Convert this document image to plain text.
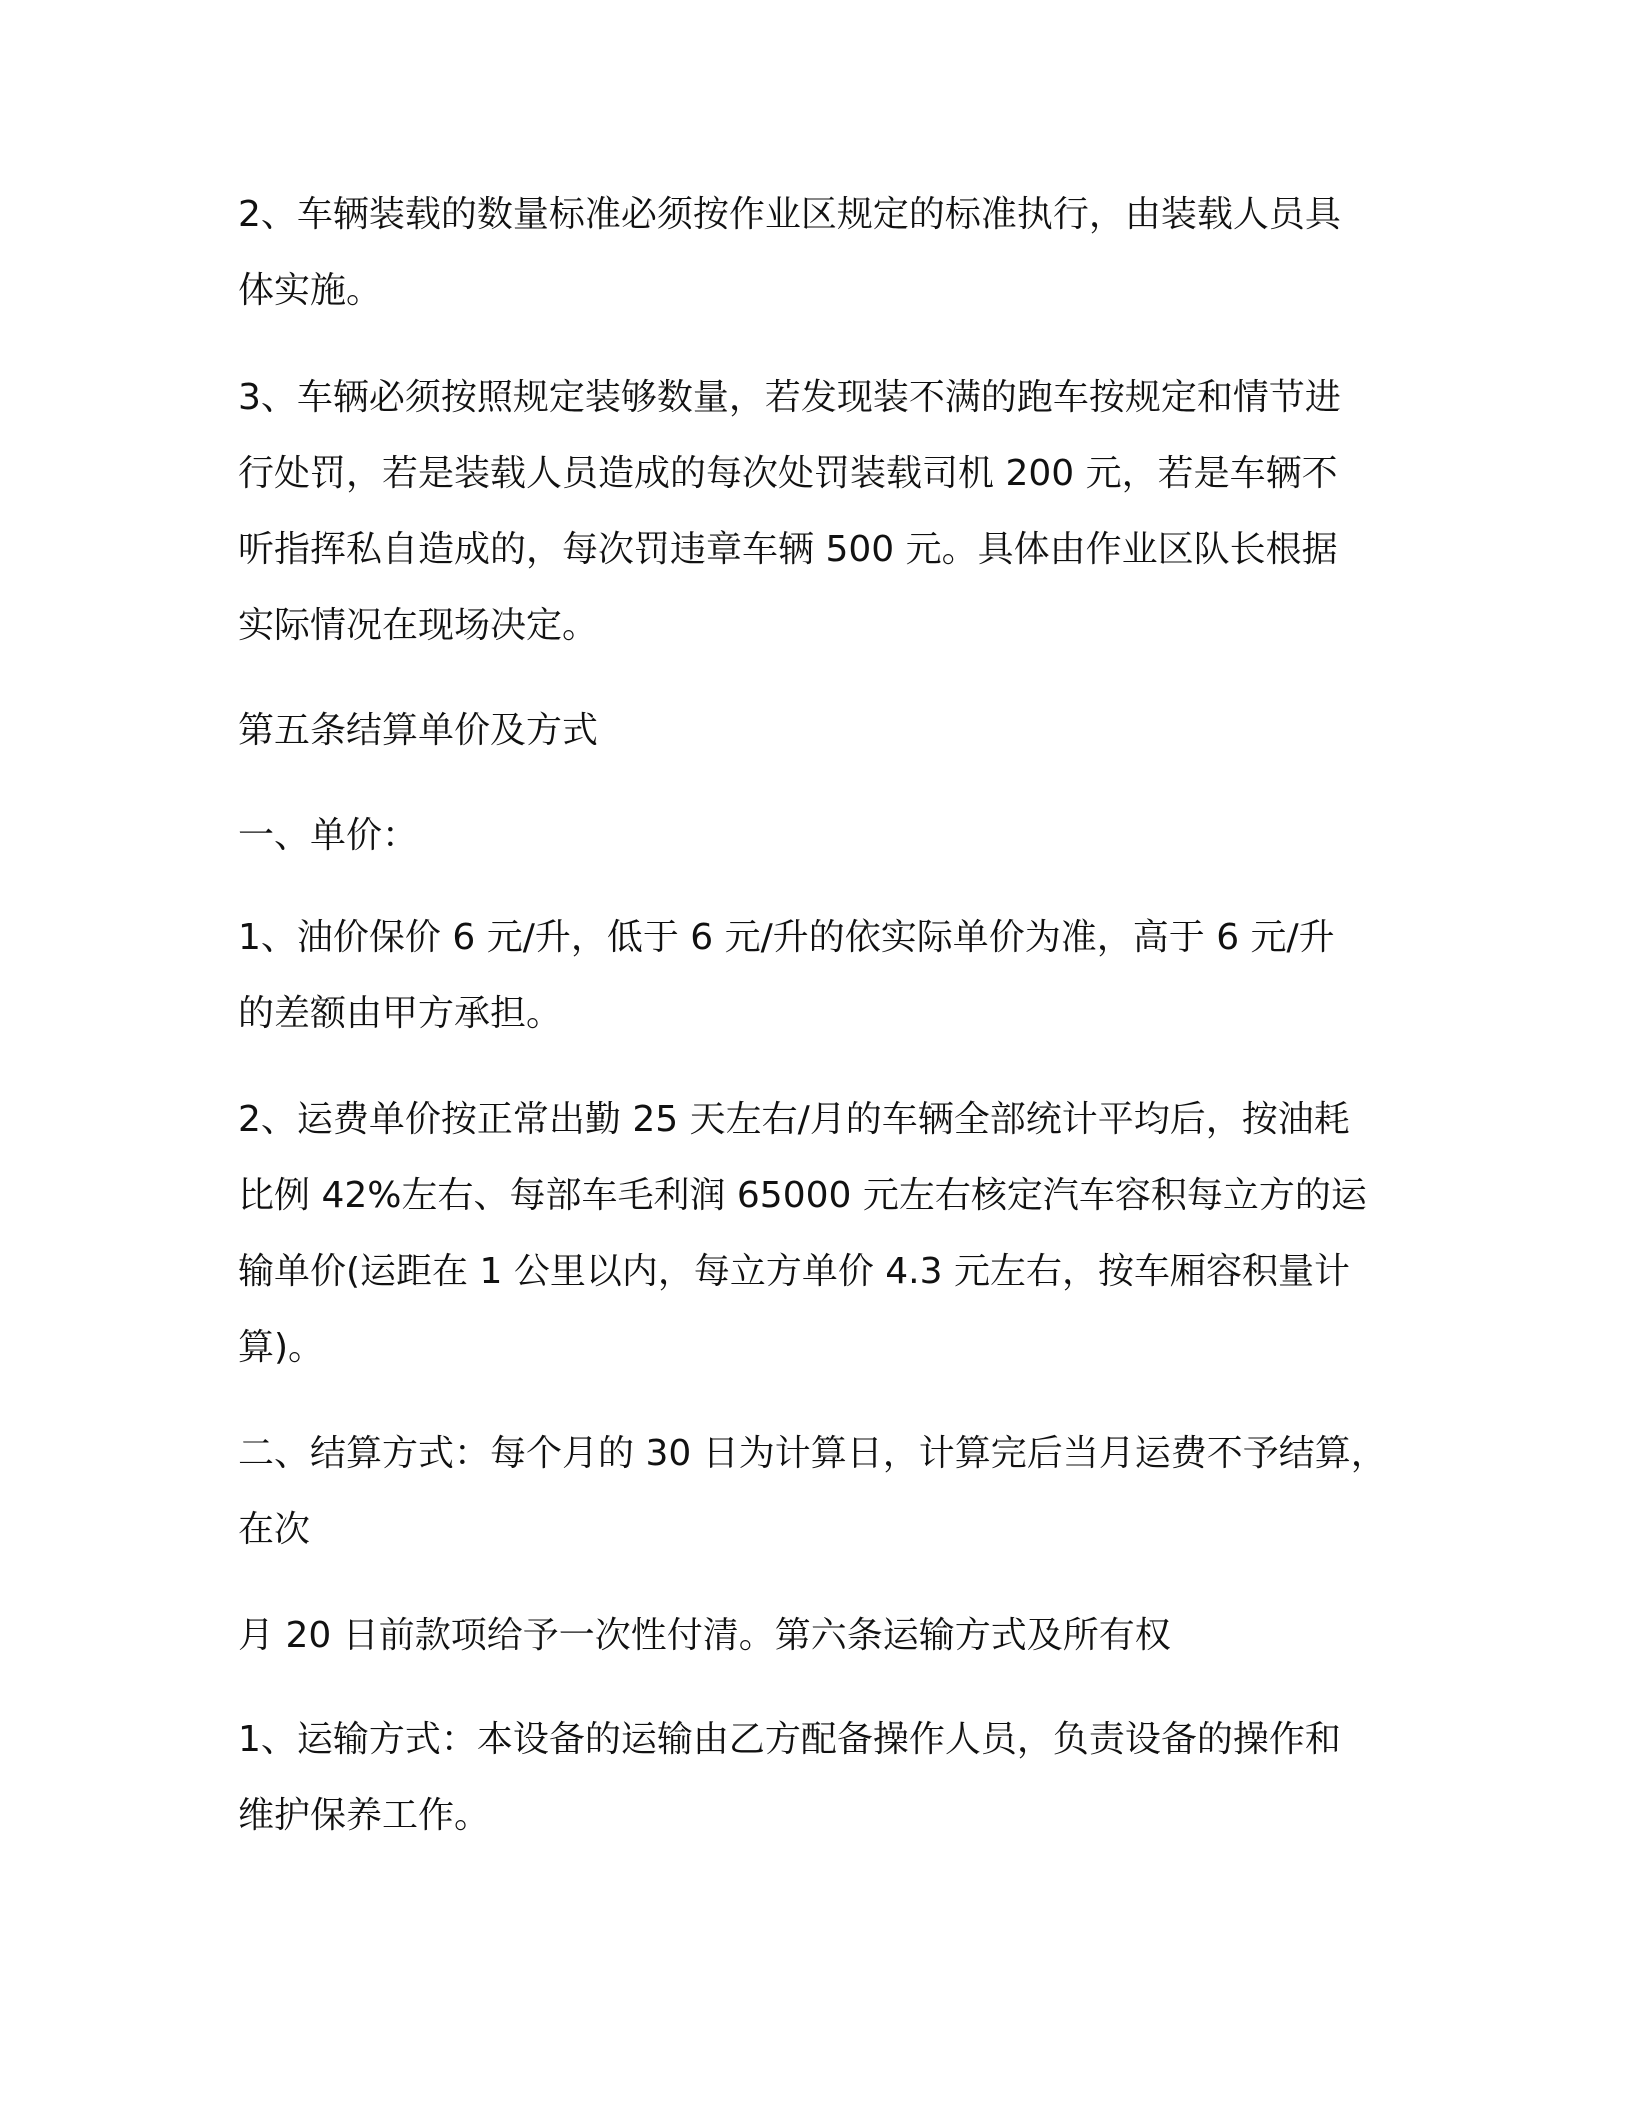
2、车辆装载的数量标准必须按作业区规定的标准执行，由装载人员具
体实施。

3、车辆必须按照规定装够数量，若发现装不满的跑车按规定和情节进
行处罚，若是装载人员造成的每次处罚装载司机 200 元，若是车辆不
听指挥私自造成的，每次罚违章车辆 500 元。具体由作业区队长根据
实际情况在现场决定。

第五条结算单价及方式

一、单价：

1、油价保价 6 元/升，低于 6 元/升的依实际单价为准，高于 6 元/升
的差额由甲方承担。

2、运费单价按正常出勤 25 天左右/月的车辆全部统计平均后，按油耗
比例 42%左右、每部车毛利润 65000 元左右核定汽车容积每立方的运
输单价(运距在 1 公里以内，每立方单价 4.3 元左右，按车厢容积量计
算)。

二、结算方式：每个月的 30 日为计算日，计算完后当月运费不予结算，
在次

月 20 日前款项给予一次性付清。第六条运输方式及所有权

1、运输方式：本设备的运输由乙方配备操作人员，负责设备的操作和
维护保养工作。
